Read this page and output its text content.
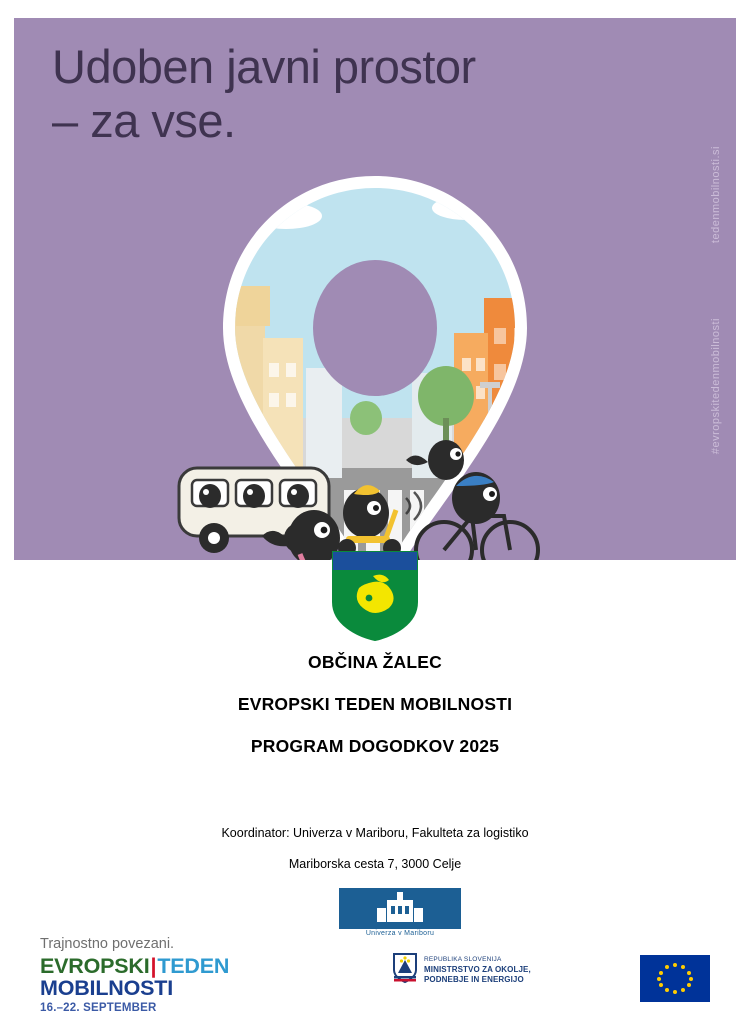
Udoben javni prostor
– za vse.
tedenmobilnosti.si
#evropskitedenmobilnosti
OBČINA ŽALEC
EVROPSKI TEDEN MOBILNOSTI
PROGRAM DOGODKOV 2025
Koordinator: Univerza v Mariboru, Fakulteta za logistiko
Mariborska cesta 7, 3000 Celje
Univerza v Mariboru
Trajnostno povezani.
EVROPSKI|TEDEN MOBILNOSTI
16.–22. SEPTEMBER
REPUBLIKA SLOVENIJA
MINISTRSTVO ZA OKOLJE,
PODNEBJE IN ENERGIJO
